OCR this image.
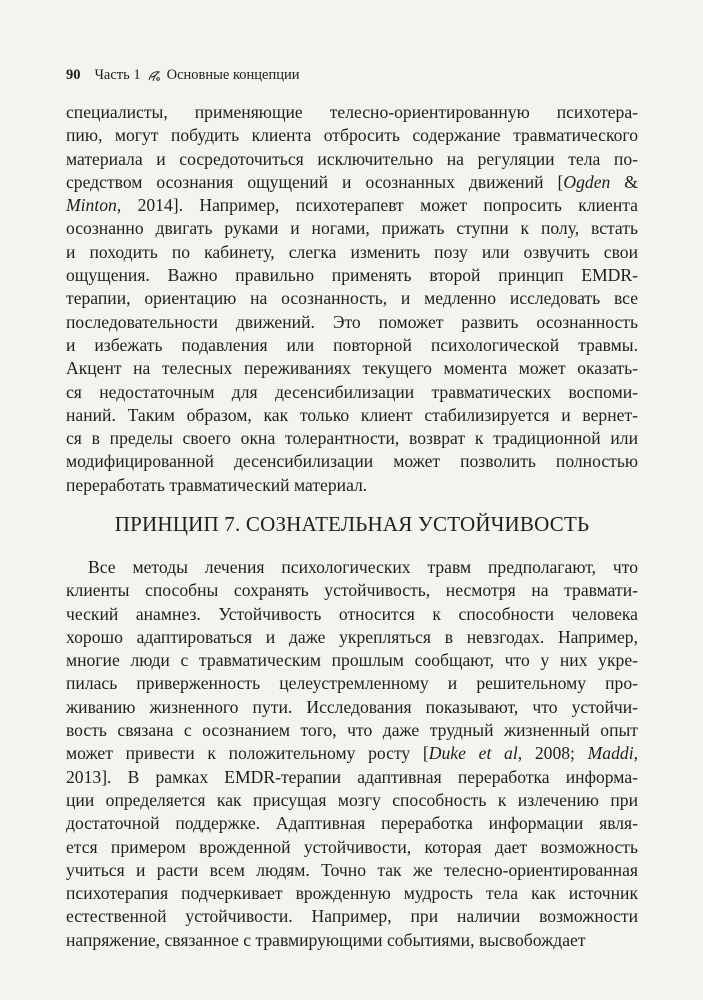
90 Часть 1 Основные концепции
специалисты, применяющие телесно-ориентированную психотера-
пию, могут побудить клиента отбросить содержание травматического
материала и сосредоточиться исключительно на регуляции тела по-
средством осознания ощущений и осознанных движений [Ogden &
Minton, 2014]. Например, психотерапевт может попросить клиента
осознанно двигать руками и ногами, прижать ступни к полу, встать
и походить по кабинету, слегка изменить позу или озвучить свои
ощущения. Важно правильно применять второй принцип EMDR-
терапии, ориентацию на осознанность, и медленно исследовать все
последовательности движений. Это поможет развить осознанность
и избежать подавления или повторной психологической травмы.
Акцент на телесных переживаниях текущего момента может оказать-
ся недостаточным для десенсибилизации травматических воспоми-
наний. Таким образом, как только клиент стабилизируется и вернет-
ся в пределы своего окна толерантности, возврат к традиционной или
модифицированной десенсибилизации может позволить полностью
переработать травматический материал.
ПРИНЦИП 7. СОЗНАТЕЛЬНАЯ УСТОЙЧИВОСТЬ
Все методы лечения психологических травм предполагают, что
клиенты способны сохранять устойчивость, несмотря на травмати-
ческий анамнез. Устойчивость относится к способности человека
хорошо адаптироваться и даже укрепляться в невзгодах. Например,
многие люди с травматическим прошлым сообщают, что у них укре-
пилась приверженность целеустремленному и решительному про-
живанию жизненного пути. Исследования показывают, что устойчи-
вость связана с осознанием того, что даже трудный жизненный опыт
может привести к положительному росту [Duke et al, 2008; Maddi,
2013]. В рамках EMDR-терапии адаптивная переработка информа-
ции определяется как присущая мозгу способность к излечению при
достаточной поддержке. Адаптивная переработка информации явля-
ется примером врожденной устойчивости, которая дает возможность
учиться и расти всем людям. Точно так же телесно-ориентированная
психотерапия подчеркивает врожденную мудрость тела как источник
естественной устойчивости. Например, при наличии возможности
напряжение, связанное с травмирующими событиями, высвобождает
